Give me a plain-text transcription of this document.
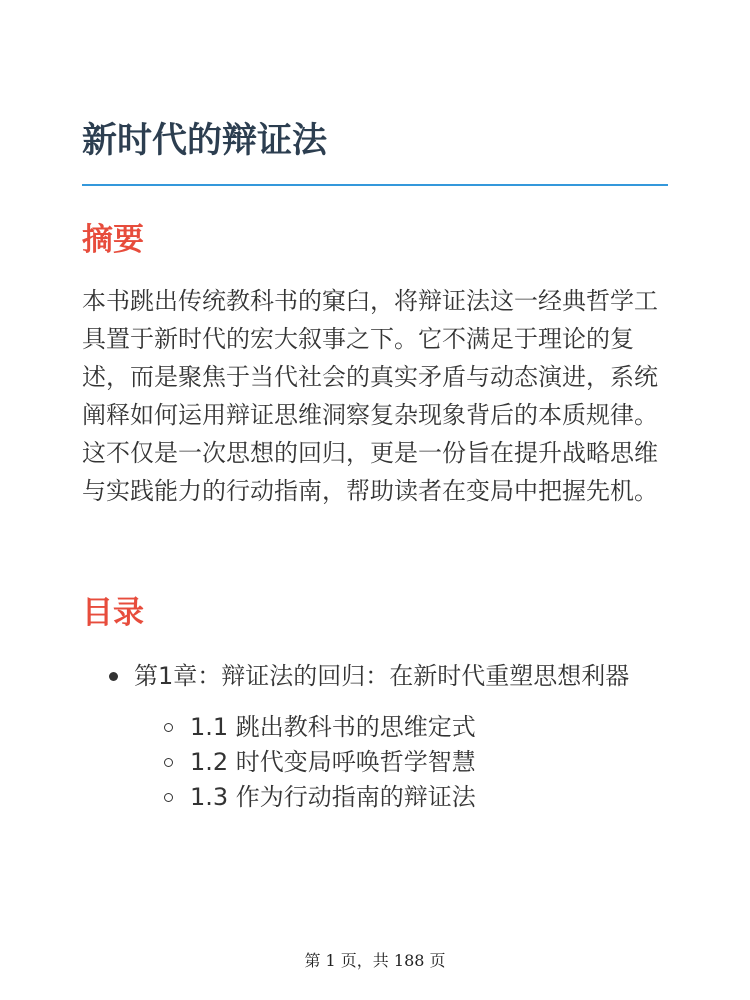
新时代的辩证法
摘要

本书跳出传统教科书的窠臼，将辩证法这一经典哲学工具置于新时代的宏大叙事之下。它不满足于理论的复述，而是聚焦于当代社会的真实矛盾与动态演进，系统阐释如何运用辩证思维洞察复杂现象背后的本质规律。这不仅是一次思想的回归，更是一份旨在提升战略思维与实践能力的行动指南，帮助读者在变局中把握先机。

目录
第1章：辩证法的回归：在新时代重塑思想利器
1.1 跳出教科书的思维定式
1.2 时代变局呼唤哲学智慧
1.3 作为行动指南的辩证法
第 1 页，共 188 页
